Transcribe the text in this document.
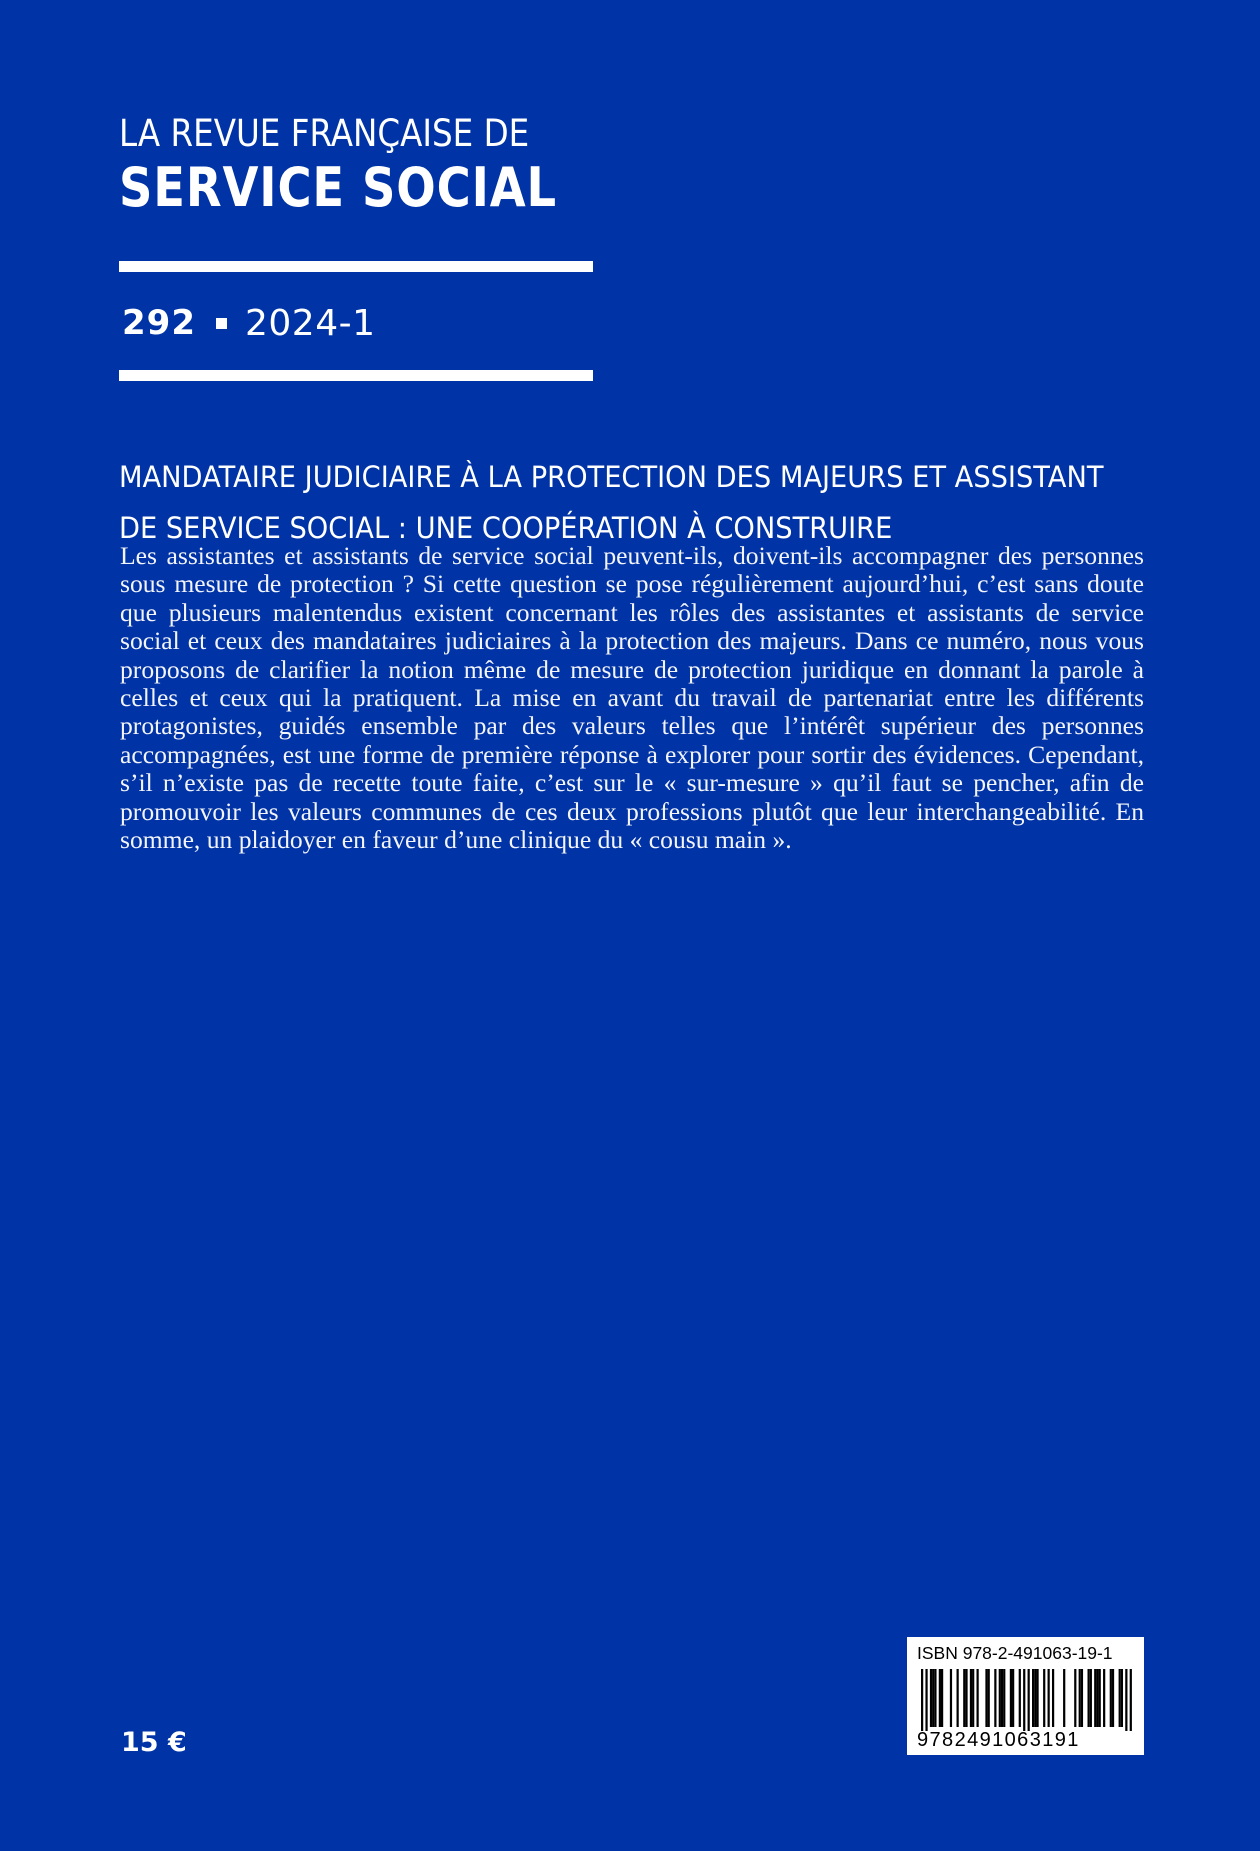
LA REVUE FRANÇAISE DE
SERVICE SOCIAL
292 2024-1
MANDATAIRE JUDICIAIRE À LA PROTECTION DES MAJEURS ET ASSISTANT
DE SERVICE SOCIAL : UNE COOPÉRATION À CONSTRUIRE
Les assistantes et assistants de service social peuvent-ils, doivent-ils accompagner des personnes sous mesure de protection ? Si cette question se pose régulièrement aujourd’hui, c’est sans doute que plusieurs malentendus existent concernant les rôles des assistantes et assistants de service social et ceux des mandataires judiciaires à la protection des majeurs. Dans ce numéro, nous vous proposons de clarifier la notion même de mesure de protection juridique en donnant la parole à celles et ceux qui la pratiquent. La mise en avant du travail de partenariat entre les différents protagonistes, guidés ensemble par des valeurs telles que l’intérêt supérieur des personnes accompagnées, est une forme de première réponse à explorer pour sortir des évidences. Cependant, s’il n’existe pas de recette toute faite, c’est sur le « sur-mesure » qu’il faut se pencher, afin de promouvoir les valeurs communes de ces deux professions plutôt que leur interchangeabilité. En somme, un plaidoyer en faveur d’une clinique du « cousu main ».
15 €
ISBN 978-2-491063-19-1
9782491063191
